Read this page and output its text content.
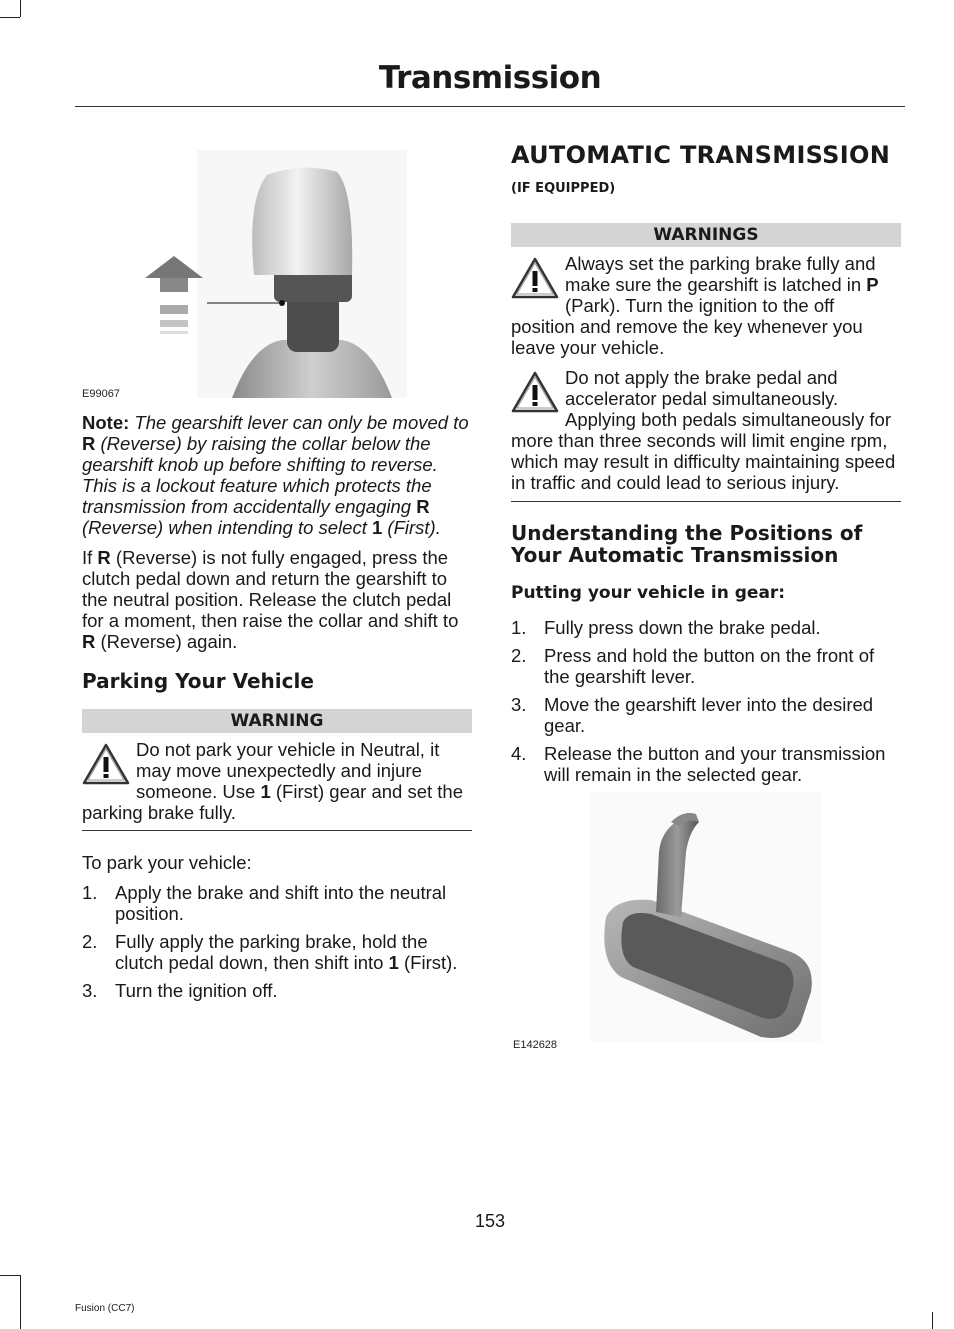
Transmission
E99067

Note: The gearshift lever can only be moved to R (Reverse) by raising the collar below the gearshift knob up before shifting to reverse. This is a lockout feature which protects the transmission from accidentally engaging R (Reverse) when intending to select 1 (First).

If R (Reverse) is not fully engaged, press the clutch pedal down and return the gearshift to the neutral position. Release the clutch pedal for a moment, then raise the collar and shift to R (Reverse) again.

Parking Your Vehicle
WARNING

Do not park your vehicle in Neutral, it may move unexpectedly and injure someone. Use 1 (First) gear and set the parking brake fully.

To park your vehicle:

1. Apply the brake and shift into the neutral position.
2. Fully apply the parking brake, hold the clutch pedal down, then shift into 1 (First).
3. Turn the ignition off.
AUTOMATIC TRANSMISSION
(IF EQUIPPED)
WARNINGS

Always set the parking brake fully and make sure the gearshift is latched in P (Park). Turn the ignition to the off position and remove the key whenever you leave your vehicle.

Do not apply the brake pedal and accelerator pedal simultaneously. Applying both pedals simultaneously for more than three seconds will limit engine rpm, which may result in difficulty maintaining speed in traffic and could lead to serious injury.

Understanding the Positions of Your Automatic Transmission
Putting your vehicle in gear:
1. Fully press down the brake pedal.
2. Press and hold the button on the front of the gearshift lever.
3. Move the gearshift lever into the desired gear.
4. Release the button and your transmission will remain in the selected gear.
E142628
153
Fusion (CC7)
